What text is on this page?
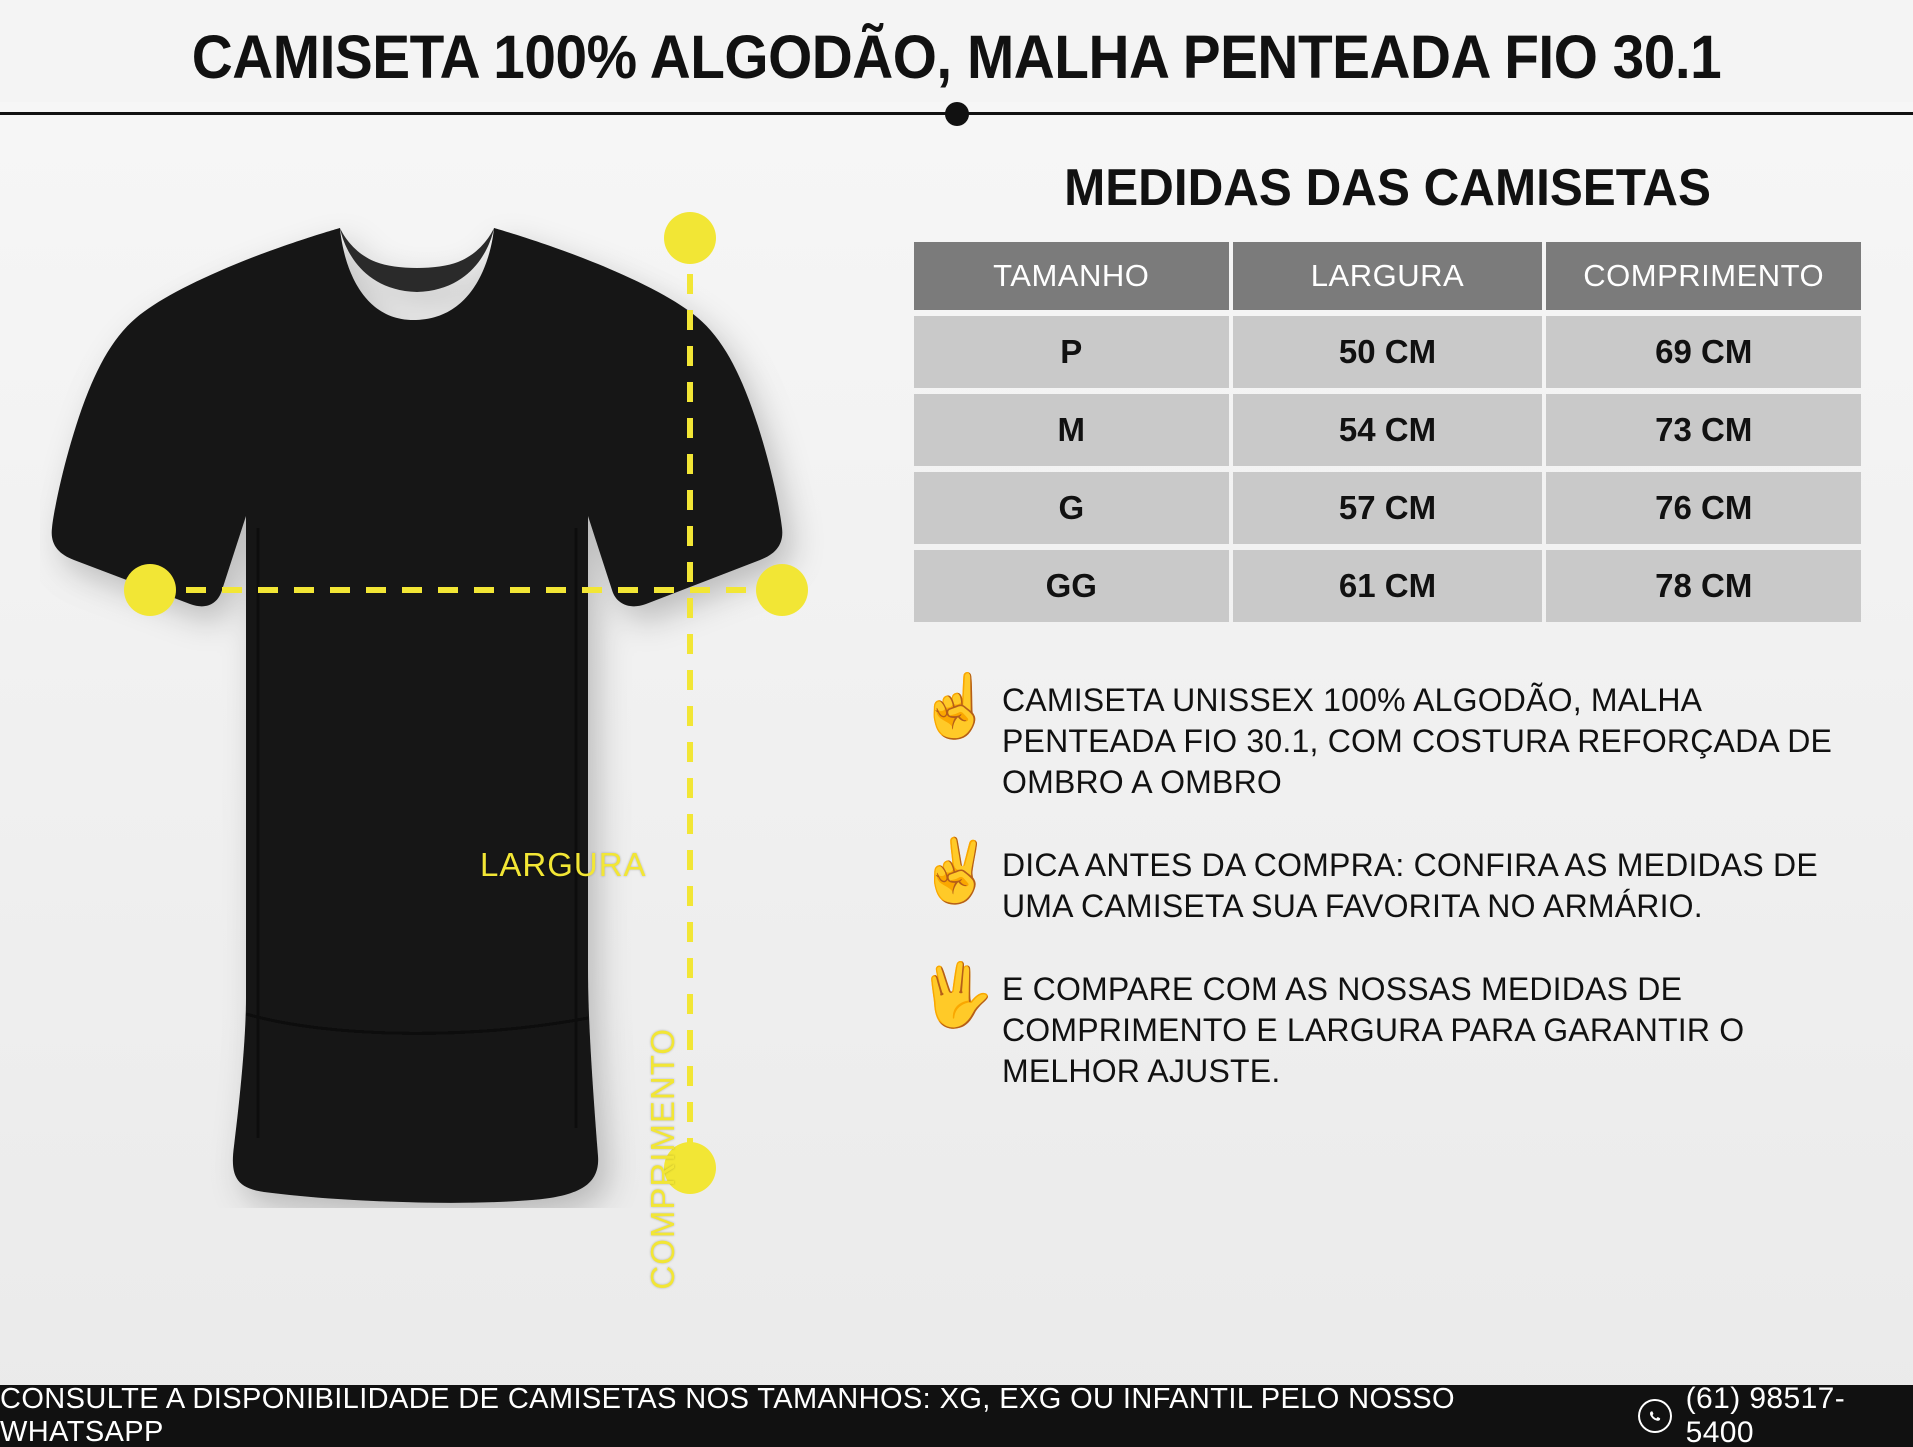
CAMISETA 100% ALGODÃO, MALHA PENTEADA FIO 30.1
LARGURA
COMPRIMENTO
MEDIDAS DAS CAMISETAS
TAMANHO	LARGURA	COMPRIMENTO
P	50 CM	69 CM
M	54 CM	73 CM
G	57 CM	76 CM
GG	61 CM	78 CM
☝ CAMISETA UNISSEX 100% ALGODÃO, MALHA PENTEADA FIO 30.1, COM COSTURA REFORÇADA DE OMBRO A OMBRO
✌ DICA ANTES DA COMPRA: CONFIRA AS MEDIDAS DE UMA CAMISETA SUA FAVORITA NO ARMÁRIO.
🖖 E COMPARE COM AS NOSSAS MEDIDAS DE COMPRIMENTO E LARGURA PARA GARANTIR O MELHOR AJUSTE.
CONSULTE A DISPONIBILIDADE DE CAMISETAS NOS TAMANHOS: XG, EXG OU INFANTIL PELO NOSSO WHATSAPP
(61) 98517-5400
